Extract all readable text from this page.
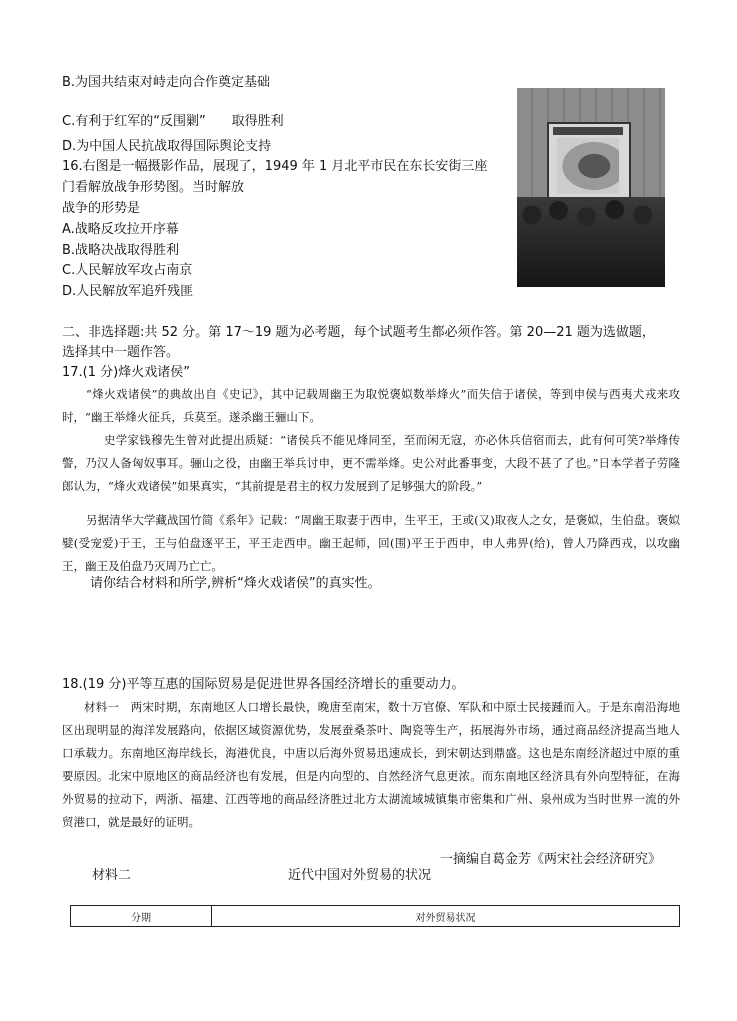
B.为国共结束对峙走向合作奠定基础
C.有利于红军的“反围剿”　　取得胜利
D.为中国人民抗战取得国际舆论支持
16.右图是一幅摄影作品，展现了，1949 年 1 月北平市民在东长安街三座
门看解放战争形势图。当时解放
战争的形势是
A.战略反攻拉开序幕
B.战略决战取得胜利
C.人民解放军攻占南京
D.人民解放军追歼残匪
二、非选择题:共 52 分。第 17～19 题为必考题，每个试题考生都必须作答。第 20—21 题为选做题，
选择其中一题作答。
17.(1 分)烽火戏诸侯”
“烽火戏诸侯”的典故出自《史记》，其中记载周幽王为取悦褒姒数举烽火”而失信于诸侯，等到申侯与西夷犬戎来攻时，“幽王举烽火征兵，兵莫至。遂杀幽王骊山下。
史学家钱穆先生曾对此提出质疑：“诸侯兵不能见烽同至，至而闲无寇，亦必休兵信宿而去，此有何可笑?举烽传警，乃汉人备匈奴事耳。骊山之役，由幽王举兵讨申，更不需举烽。史公对此番事变，大段不甚了了也。”日本学者子劳隆郎认为，“烽火戏诸侯”如果真实，“其前提是君主的权力发展到了足够强大的阶段。”
另据清华大学藏战国竹简《系年》记载：“周幽王取妻于西申，生平王，王或(又)取夜人之女，是褒姒，生伯盘。褒姒嬖(受宠爱)于王，王与伯盘逐平王，平王走西申。幽王起师，回(围)平王于西申，申人弗畀(给)，曾人乃降西戎，以攻幽王，幽王及伯盘乃灭周乃亡亡。
请你结合材料和所学,辨析“烽火戏诸侯”的真实性。
18.(19 分)平等互惠的国际贸易是促进世界各国经济增长的重要动力。
材料一　两宋时期，东南地区人口增长最快，晚唐至南宋，数十万官僚、军队和中原士民接踵而入。于是东南沿海地区出现明显的海洋发展路向，依据区域资源优势，发展蚕桑茶叶、陶瓷等生产，拓展海外市场，通过商品经济提高当地人口承载力。东南地区海岸线长，海港优良，中唐以后海外贸易迅速成长，到宋朝达到鼎盛。这也是东南经济超过中原的重要原因。北宋中原地区的商品经济也有发展，但是内向型的、自然经济气息更浓。而东南地区经济具有外向型特征，在海外贸易的拉动下，两浙、福建、江西等地的商品经济胜过北方太湖流域城镇集市密集和广州、泉州成为当时世界一流的外贸港口，就是最好的证明。
一摘编自葛金芳《两宋社会经济研究》
材料二	近代中国对外贸易的状况
分期	对外贸易状况
